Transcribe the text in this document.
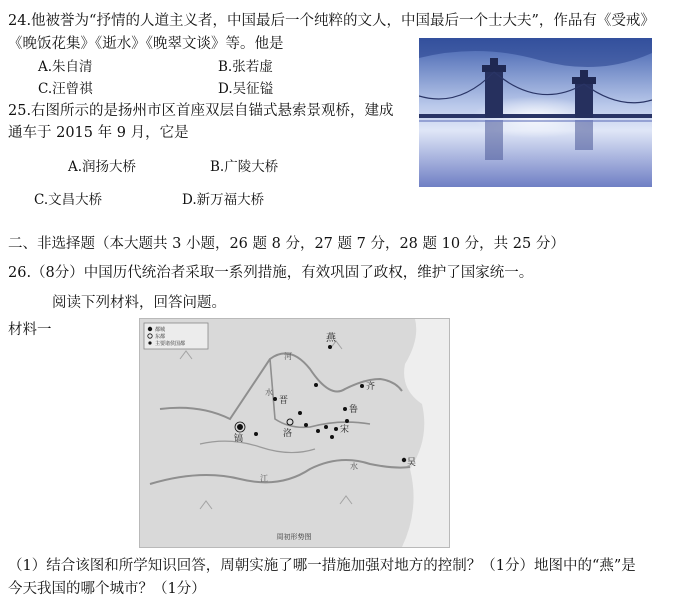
24.他被誉为“抒情的人道主义者，中国最后一个纯粹的文人，中国最后一个士大夫”，作品有《受戒》
《晚饭花集》《逝水》《晚翠文谈》等。他是
A.朱自清	B.张若虚
C.汪曾祺	D.吴征镒
25.右图所示的是扬州市区首座双层自锚式悬索景观桥，建成
通车于 2015 年 9 月，它是
A.润扬大桥	B.广陵大桥
C.文昌大桥	D.新万福大桥
二、非选择题（本大题共 3 小题，26 题 8 分，27 题 7 分，28 题 10 分，共 25 分）
26.（8分）中国历代统治者采取一系列措施，有效巩固了政权，维护了国家统一。
阅读下列材料，回答问题。
材料一	都城
东都
主要诸侯国都	燕
齐
晋
鲁
洛	宋
镐
吴
河
水
江
水
周初形势图
（1）结合该图和所学知识回答，周朝实施了哪一措施加强对地方的控制？（1分）地图中的“燕”是
今天我国的哪个城市？（1分）
